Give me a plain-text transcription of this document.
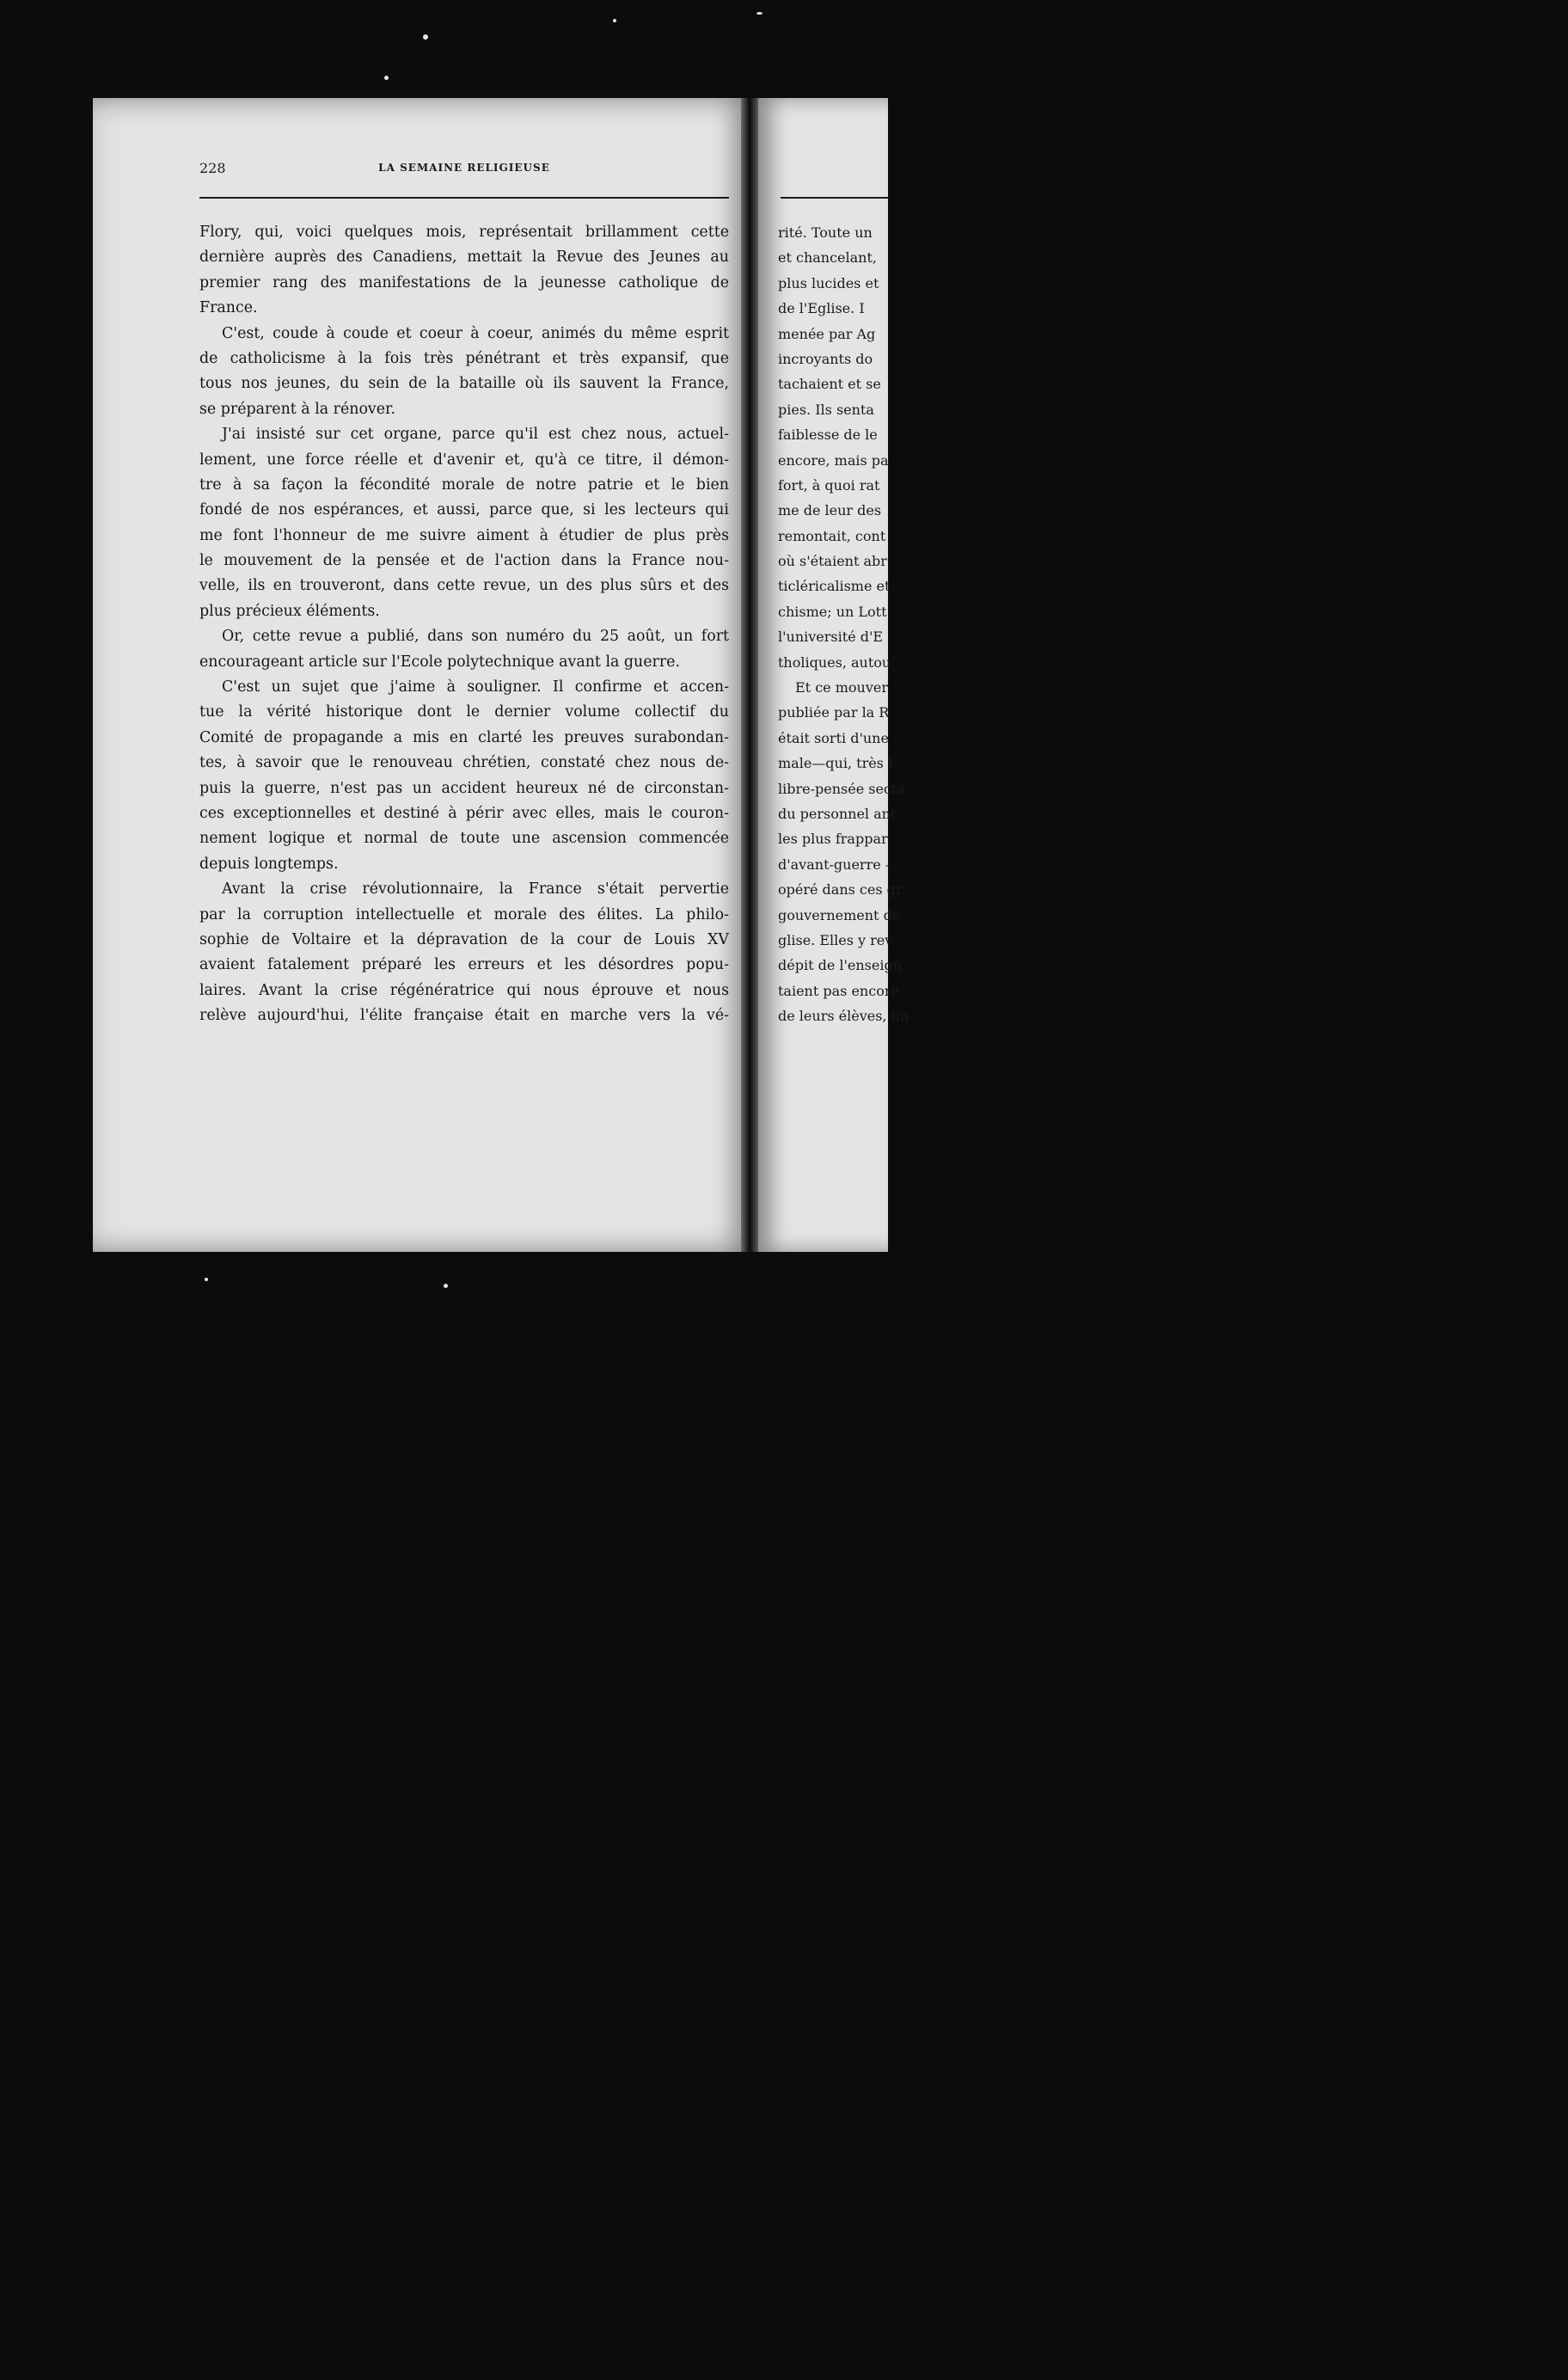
228	LA SEMAINE RELIGIEUSE
Flory, qui, voici quelques mois, représentait brillamment cette
dernière auprès des Canadiens, mettait la Revue des Jeunes au
premier rang des manifestations de la jeunesse catholique de
France.
C'est, coude à coude et coeur à coeur, animés du même esprit
de catholicisme à la fois très pénétrant et très expansif, que
tous nos jeunes, du sein de la bataille où ils sauvent la France,
se préparent à la rénover.
J'ai insisté sur cet organe, parce qu'il est chez nous, actuel-
lement, une force réelle et d'avenir et, qu'à ce titre, il démon-
tre à sa façon la fécondité morale de notre patrie et le bien
fondé de nos espérances, et aussi, parce que, si les lecteurs qui
me font l'honneur de me suivre aiment à étudier de plus près
le mouvement de la pensée et de l'action dans la France nou-
velle, ils en trouveront, dans cette revue, un des plus sûrs et des
plus précieux éléments.
Or, cette revue a publié, dans son numéro du 25 août, un fort
encourageant article sur l'Ecole polytechnique avant la guerre.
C'est un sujet que j'aime à souligner. Il confirme et accen-
tue la vérité historique dont le dernier volume collectif du
Comité de propagande a mis en clarté les preuves surabondan-
tes, à savoir que le renouveau chrétien, constaté chez nous de-
puis la guerre, n'est pas un accident heureux né de circonstan-
ces exceptionnelles et destiné à périr avec elles, mais le couron-
nement logique et normal de toute une ascension commencée
depuis longtemps.
Avant la crise révolutionnaire, la France s'était pervertie
par la corruption intellectuelle et morale des élites. La philo-
sophie de Voltaire et la dépravation de la cour de Louis XV
avaient fatalement préparé les erreurs et les désordres popu-
laires. Avant la crise régénératrice qui nous éprouve et nous
relève aujourd'hui, l'élite française était en marche vers la vé-
rité. Toute un
et chancelant,
plus lucides et
de l'Eglise. I
menée par Ag
incroyants do
tachaient et se
pies. Ils senta
faiblesse de le
encore, mais pa
fort, à quoi rat
me de leur des
remontait, cont
où s'étaient abr
ticléricalisme et
chisme; un Lott
l'université d'E
tholiques, autou
Et ce mouver
publiée par la R
était sorti d'une
male—qui, très l
libre-pensée secta
du personnel ant
les plus frappar
d'avant-guerre –
opéré dans ces gr
gouvernement de
glise. Elles y rev
dépit de l'enseign
taient pas encore
de leurs élèves, un
